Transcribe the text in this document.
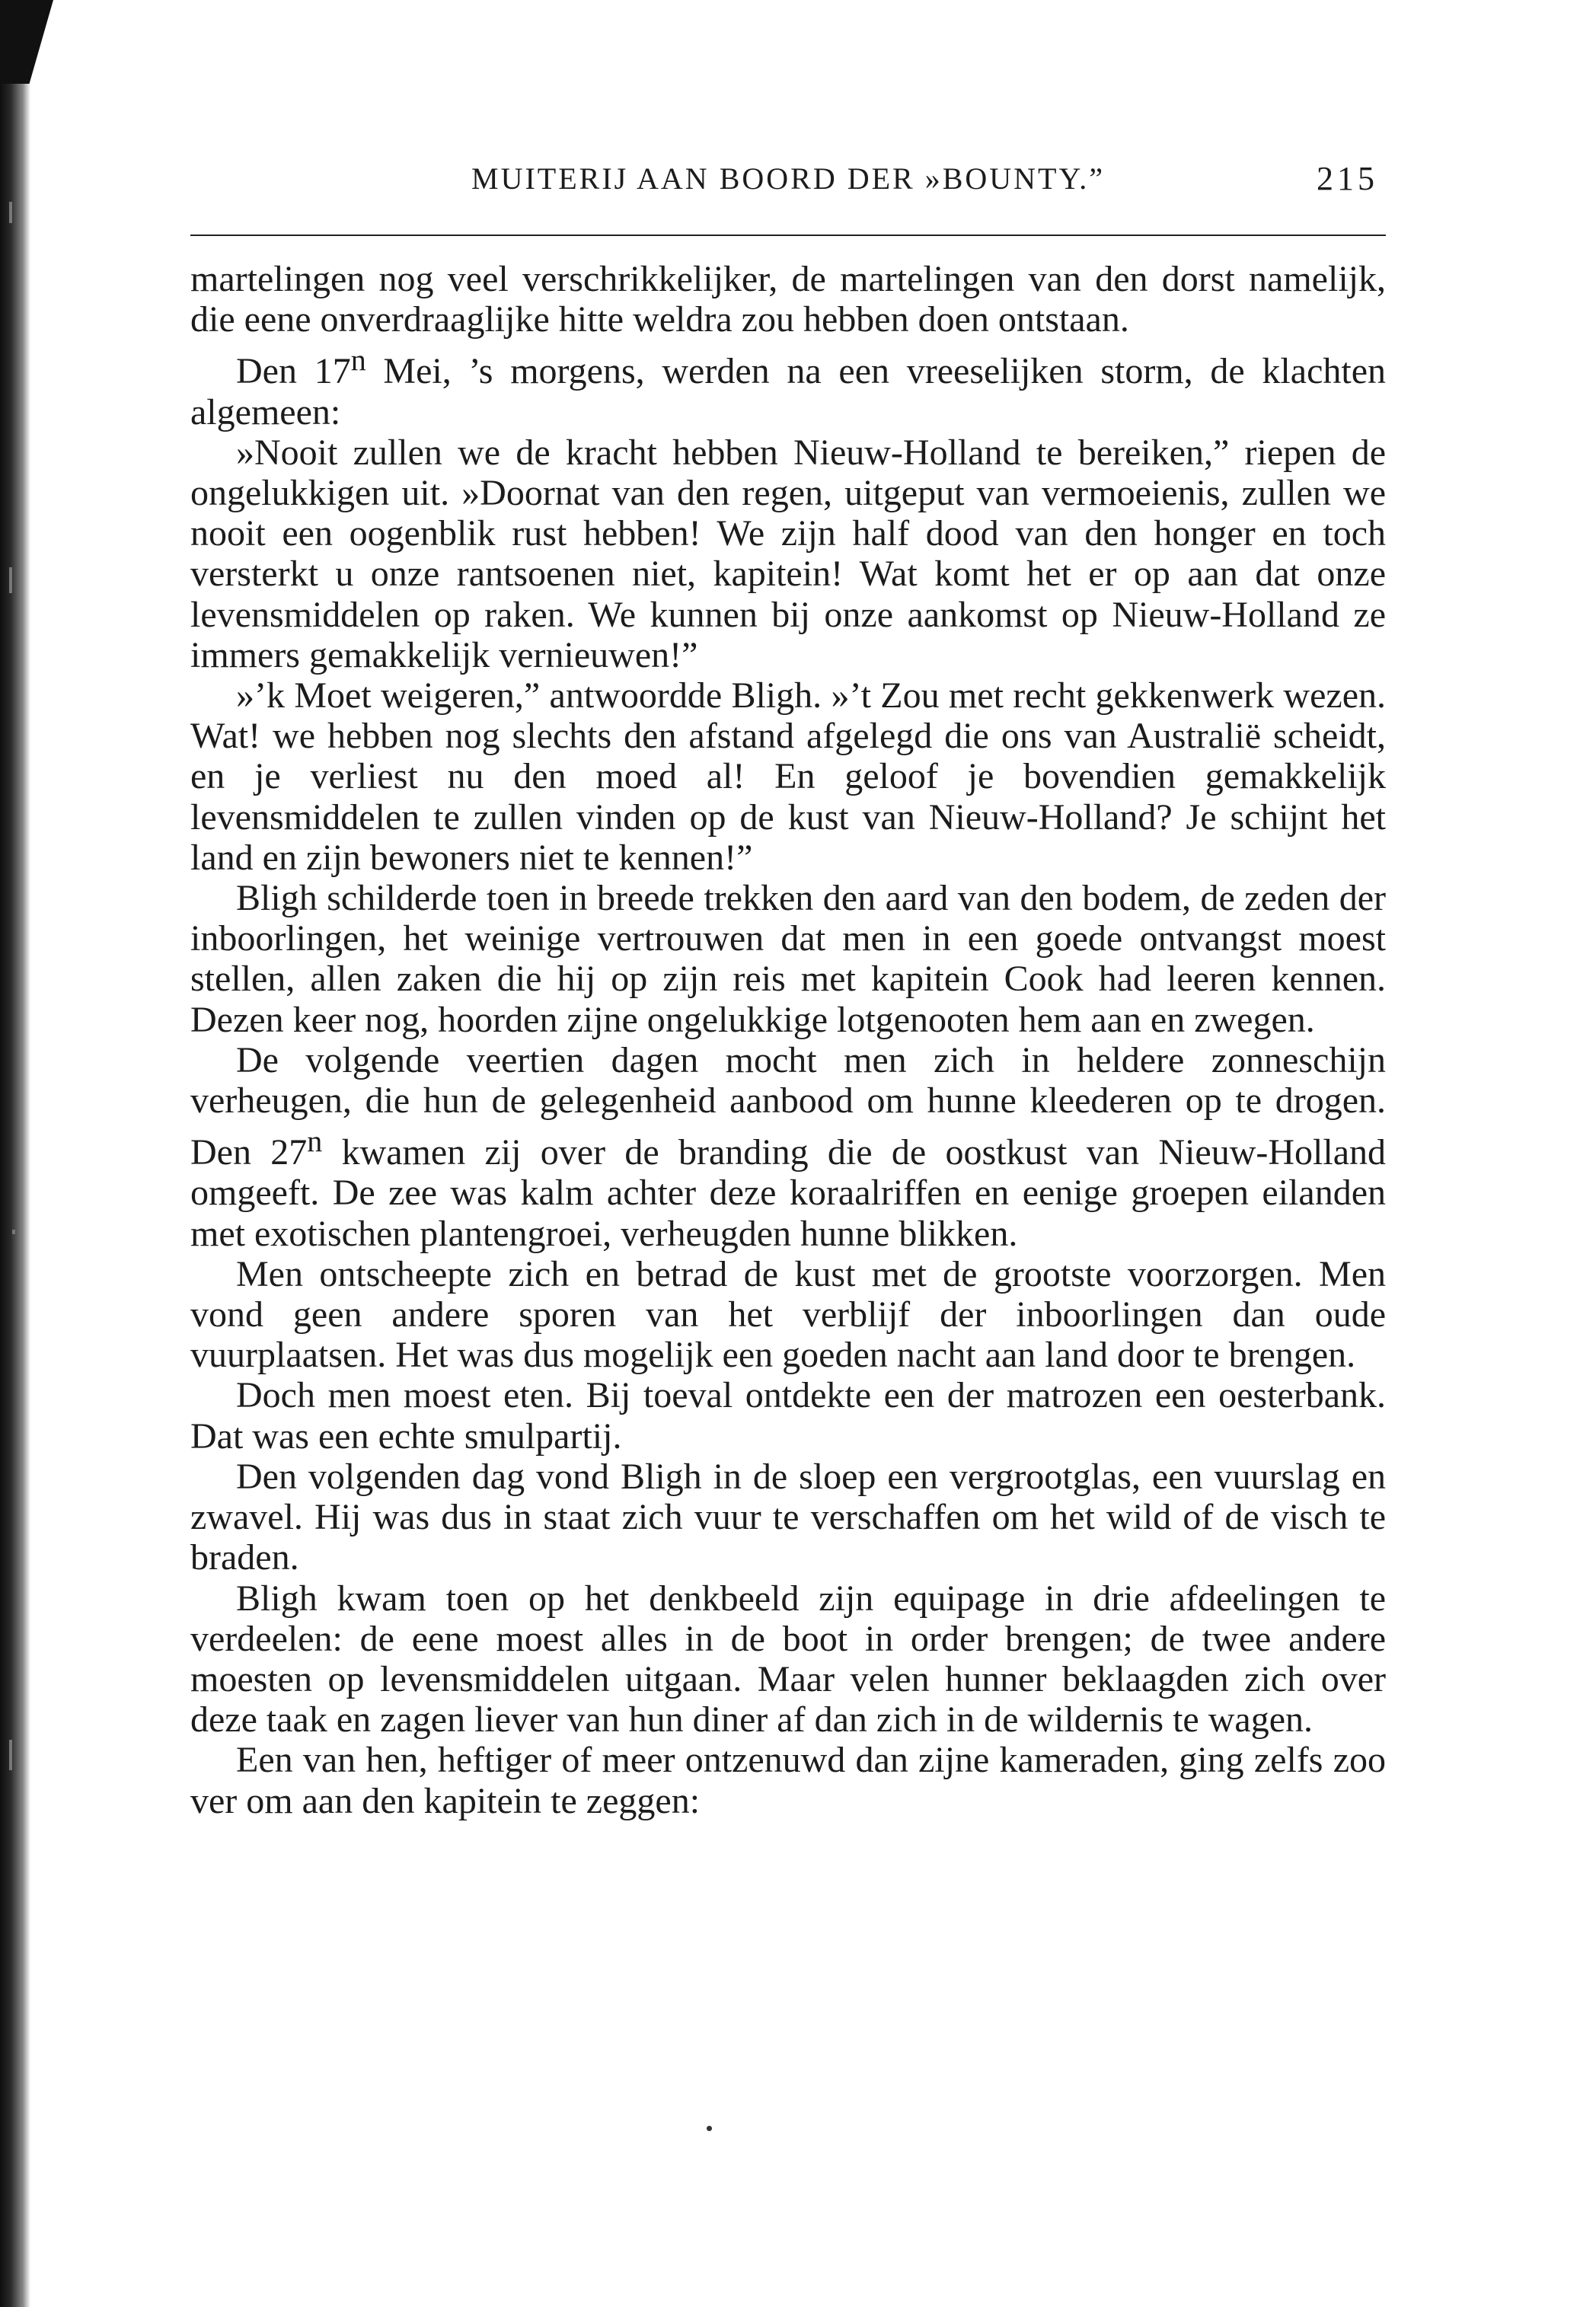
MUITERIJ AAN BOORD DER »BOUNTY.”	215

martelingen nog veel verschrikkelijker, de martelingen van den dorst namelijk, die eene onverdraaglijke hitte weldra zou hebben doen ontstaan.

Den 17$^n$ Mei, ’s morgens, werden na een vreeselijken storm, de klachten algemeen:

»Nooit zullen we de kracht hebben Nieuw-Holland te bereiken,” riepen de ongelukkigen uit. »Doornat van den regen, uitgeput van vermoeienis, zullen we nooit een oogenblik rust hebben! We zijn half dood van den honger en toch versterkt u onze rantsoenen niet, kapitein! Wat komt het er op aan dat onze levensmiddelen op raken. We kunnen bij onze aankomst op Nieuw-Holland ze immers gemakkelijk vernieuwen!”

»’k Moet weigeren,” antwoordde Bligh. »’t Zou met recht gekkenwerk wezen. Wat! we hebben nog slechts den afstand afgelegd die ons van Australië scheidt, en je verliest nu den moed al! En geloof je bovendien gemakkelijk levensmiddelen te zullen vinden op de kust van Nieuw-Holland? Je schijnt het land en zijn bewoners niet te kennen!”

Bligh schilderde toen in breede trekken den aard van den bodem, de zeden der inboorlingen, het weinige vertrouwen dat men in een goede ontvangst moest stellen, allen zaken die hij op zijn reis met kapitein Cook had leeren kennen. Dezen keer nog, hoorden zijne ongelukkige lotgenooten hem aan en zwegen.

De volgende veertien dagen mocht men zich in heldere zonneschijn verheugen, die hun de gelegenheid aanbood om hunne kleederen op te drogen. Den 27$^n$ kwamen zij over de branding die de oostkust van Nieuw-Holland omgeeft. De zee was kalm achter deze koraalriffen en eenige groepen eilanden met exotischen plantengroei, verheugden hunne blikken.

Men ontscheepte zich en betrad de kust met de grootste voorzorgen. Men vond geen andere sporen van het verblijf der inboorlingen dan oude vuurplaatsen. Het was dus mogelijk een goeden nacht aan land door te brengen.

Doch men moest eten. Bij toeval ontdekte een der matrozen een oesterbank. Dat was een echte smulpartij.

Den volgenden dag vond Bligh in de sloep een vergrootglas, een vuurslag en zwavel. Hij was dus in staat zich vuur te verschaffen om het wild of de visch te braden.

Bligh kwam toen op het denkbeeld zijn equipage in drie afdeelingen te verdeelen: de eene moest alles in de boot in order brengen; de twee andere moesten op levensmiddelen uitgaan. Maar velen hunner beklaagden zich over deze taak en zagen liever van hun diner af dan zich in de wildernis te wagen.

Een van hen, heftiger of meer ontzenuwd dan zijne kameraden, ging zelfs zoo ver om aan den kapitein te zeggen:
